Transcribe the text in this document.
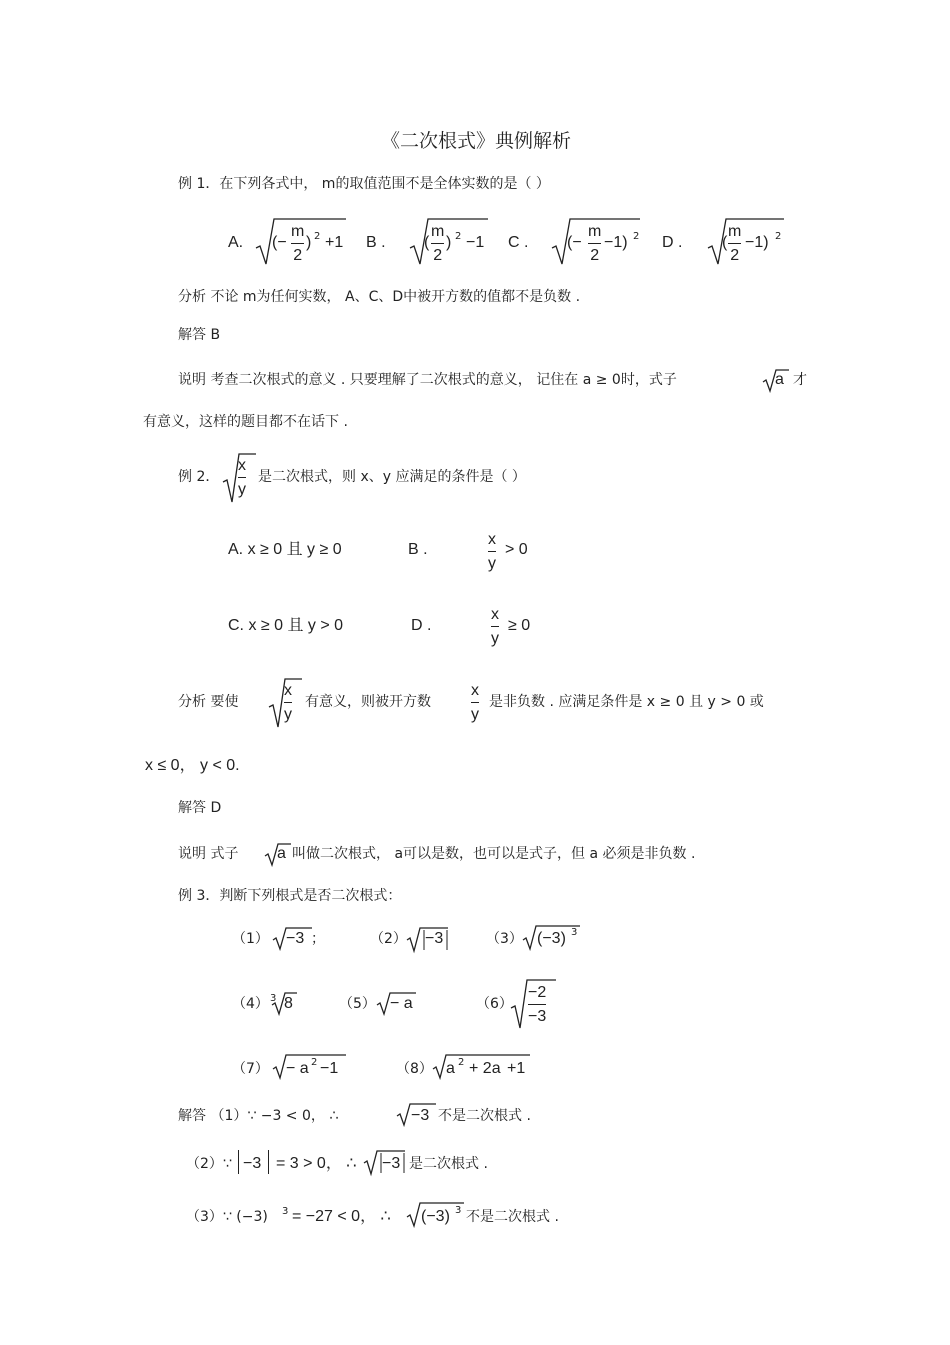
《二次根式》典例解析
例 1．在下列各式中， m的取值范围不是全体实数的是（ ）
A. (−
m
2
) 2 +1 B . (
m
2
) 2 −1 C . (−
m
2
−1) 2 D . (
m
2
−1) 2
分析 不论 m为任何实数， A、C、D中被开方数的值都不是负数 .
解答 B
说明 考查二次根式的意义 . 只要理解了二次根式的意义， 记住在 a ≥ 0时，式子	a 才
有意义，这样的题目都不在话下 .
例 2．
x
y
是二次根式，则 x、y 应满足的条件是（ ）
A. x ≥ 0 且 y ≥ 0	B .
x
y
> 0
C. x ≥ 0 且 y > 0	D .
x
y
≥ 0
分析 要使
x
y
有意义，则被开方数
x
y
是非负数 . 应满足条件是 x ≥ 0 且 y > 0 或
x ≤ 0， y < 0.
解答 D
说明 式子 a 叫做二次根式， a可以是数，也可以是式子，但 a 必须是非负数 .
例 3．判断下列根式是否二次根式：
（1） −3 ；	（2） −3	（3） (−3) 3
（4） 3 8	（5） − a	（6）
−2
−3
（7） − a 2 −1	（8） a 2 + 2a +1
解答 （1）∵ −3 < 0， ∴	−3 不是二次根式 .
（2）∵ −3 = 3 > 0， ∴ −3 是二次根式 .
（3）∵ (−3) 3 = −27 < 0， ∴ (−3) 3 不是二次根式 .
